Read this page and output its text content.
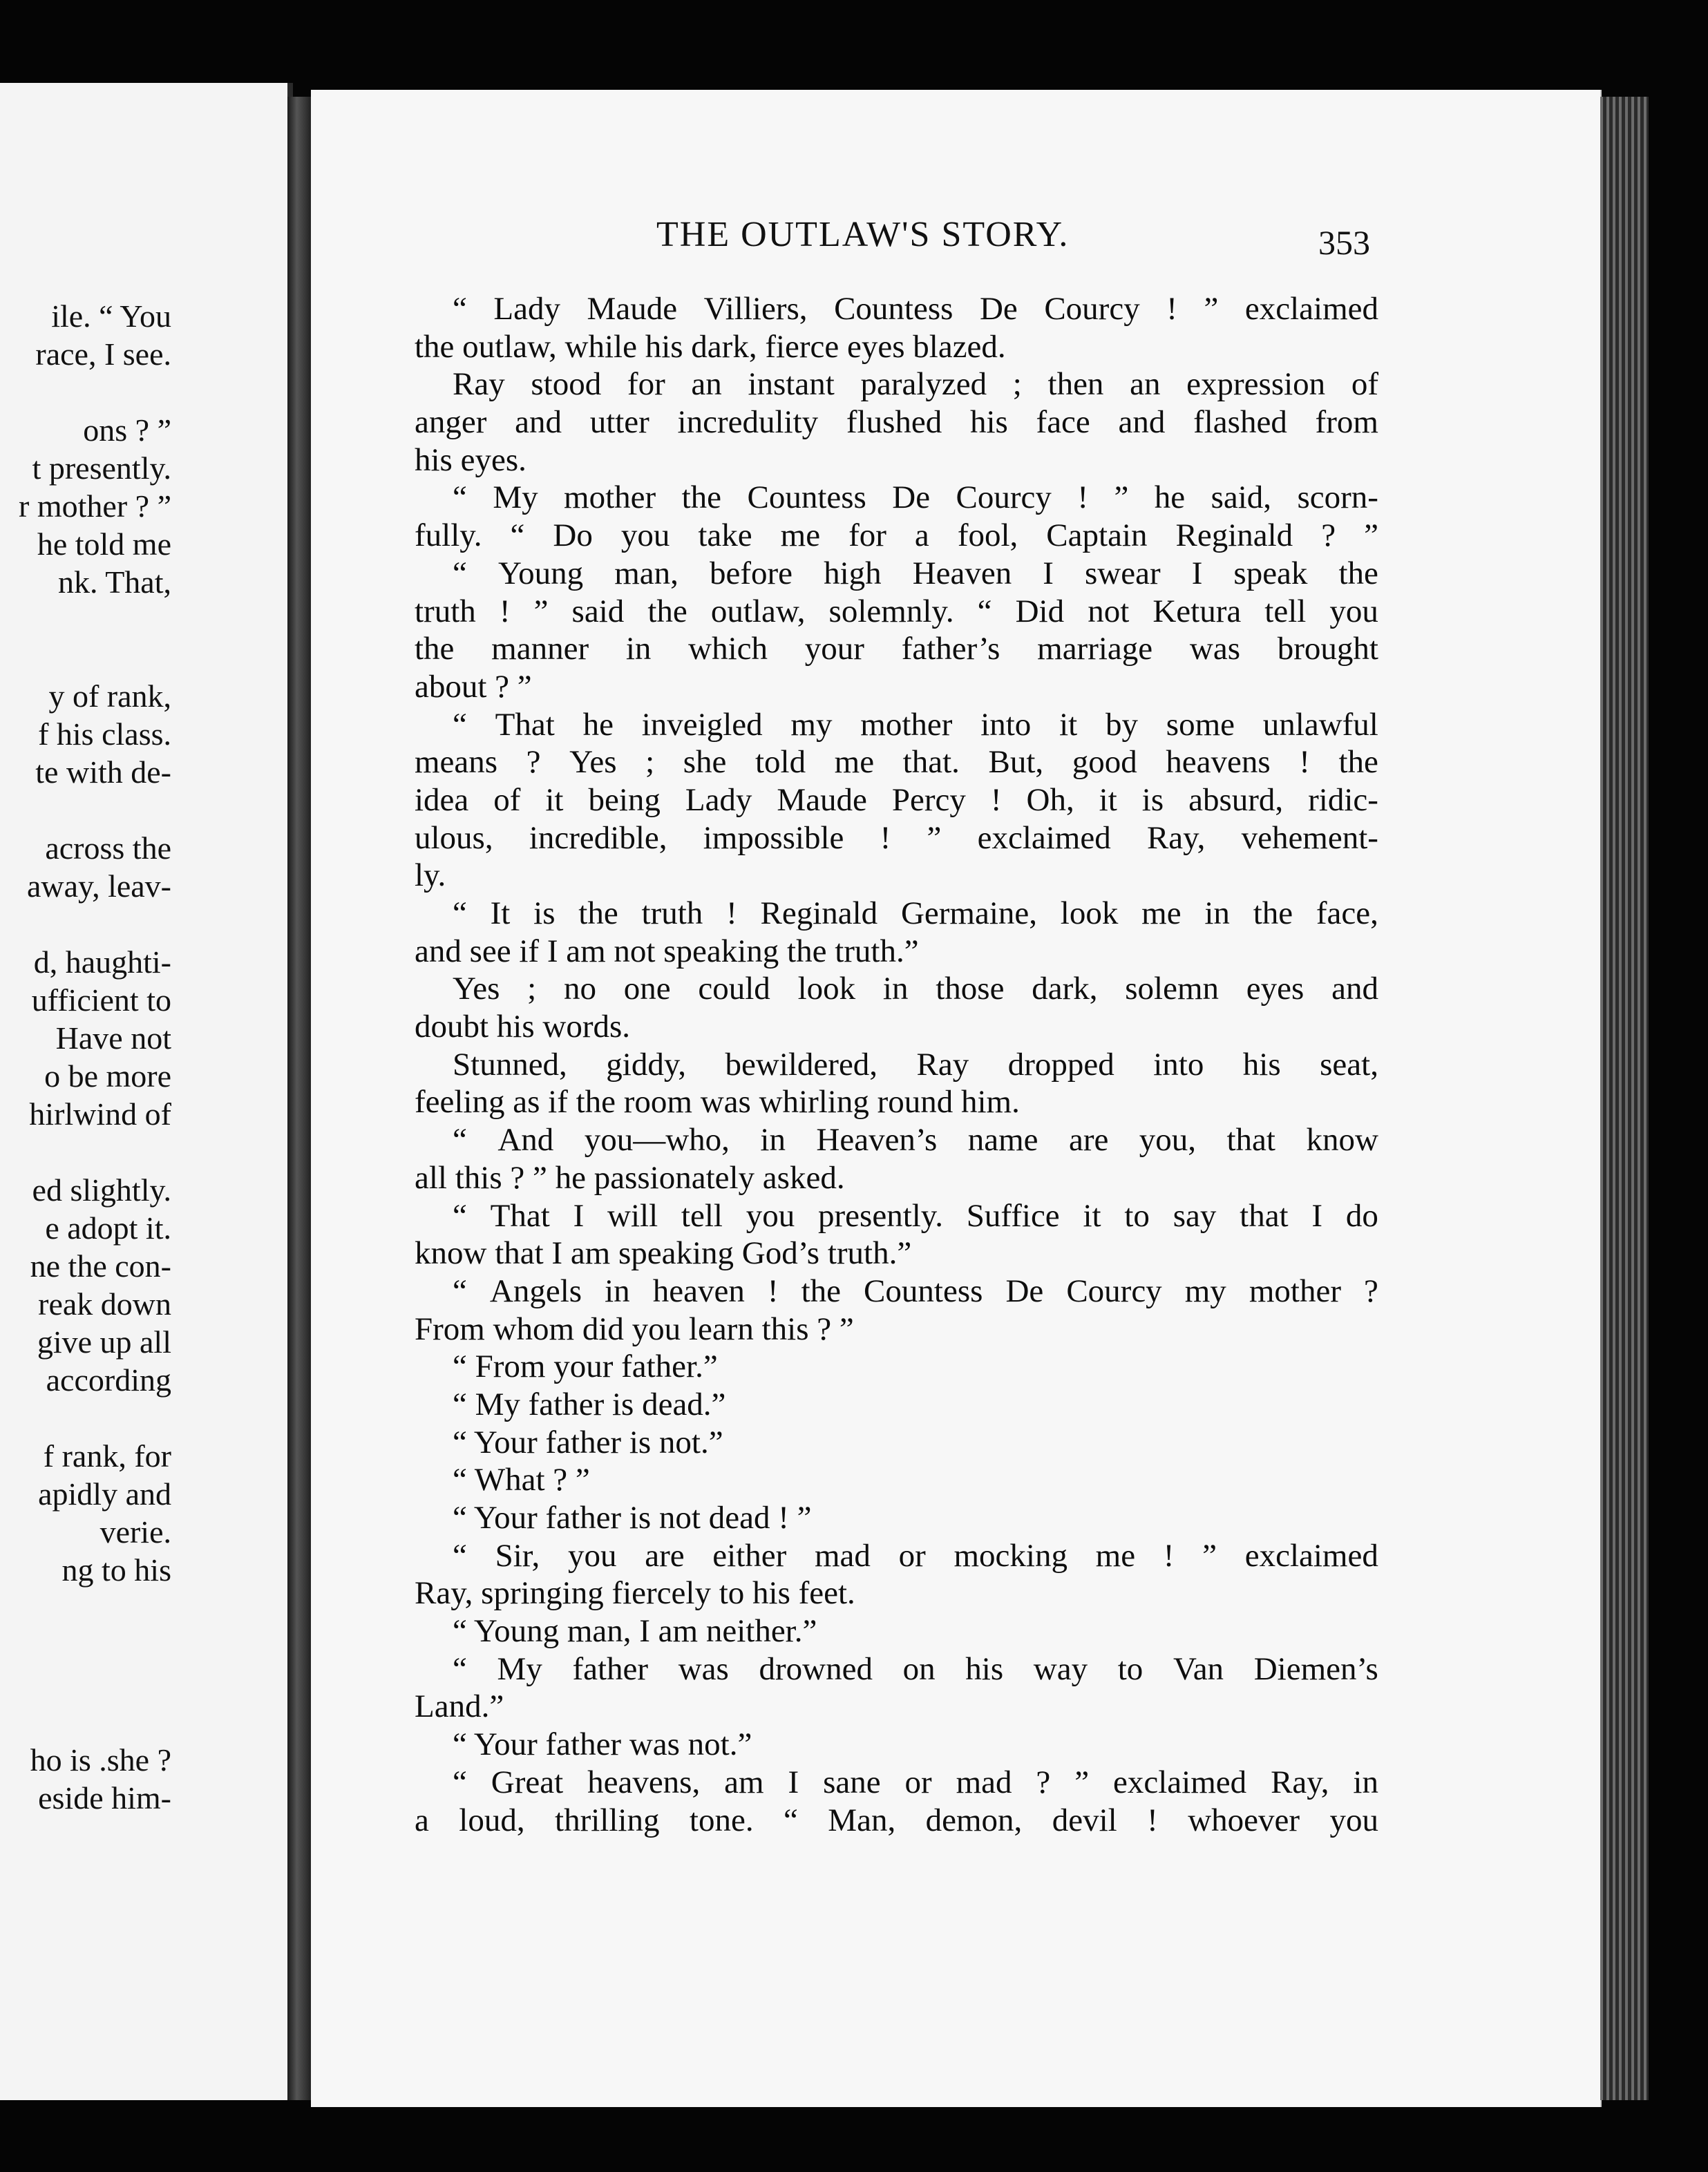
ile. “ You
race, I see.
ons ? ”
t presently.
r mother ? ”
he told me
nk. That,
y of rank,
f his class.
te with de-
across the
away, leav-
d, haughti-
ufficient to
Have not
o be more
hirlwind of
ed slightly.
e adopt it.
ne the con-
reak down
give up all
according
f rank, for
apidly and
verie.
ng to his
ho is .she ?
eside him-
THE OUTLAW'S STORY.	353
“ Lady Maude Villiers, Countess De Courcy ! ” exclaimed
the outlaw, while his dark, fierce eyes blazed.
Ray stood for an instant paralyzed ; then an expression of
anger and utter incredulity flushed his face and flashed from
his eyes.
“ My mother the Countess De Courcy ! ” he said, scorn-
fully. “ Do you take me for a fool, Captain Reginald ? ”
“ Young man, before high Heaven I swear I speak the
truth ! ” said the outlaw, solemnly. “ Did not Ketura tell you
the manner in which your father’s marriage was brought
about ? ”
“ That he inveigled my mother into it by some unlawful
means ? Yes ; she told me that. But, good heavens ! the
idea of it being Lady Maude Percy ! Oh, it is absurd, ridic-
ulous, incredible, impossible ! ” exclaimed Ray, vehement-
ly.
“ It is the truth ! Reginald Germaine, look me in the face,
and see if I am not speaking the truth.”
Yes ; no one could look in those dark, solemn eyes and
doubt his words.
Stunned, giddy, bewildered, Ray dropped into his seat,
feeling as if the room was whirling round him.
“ And you—who, in Heaven’s name are you, that know
all this ? ” he passionately asked.
“ That I will tell you presently. Suffice it to say that I do
know that I am speaking God’s truth.”
“ Angels in heaven ! the Countess De Courcy my mother ?
From whom did you learn this ? ”
“ From your father.”
“ My father is dead.”
“ Your father is not.”
“ What ? ”
“ Your father is not dead ! ”
“ Sir, you are either mad or mocking me ! ” exclaimed
Ray, springing fiercely to his feet.
“ Young man, I am neither.”
“ My father was drowned on his way to Van Diemen’s
Land.”
“ Your father was not.”
“ Great heavens, am I sane or mad ? ” exclaimed Ray, in
a loud, thrilling tone. “ Man, demon, devil ! whoever you
